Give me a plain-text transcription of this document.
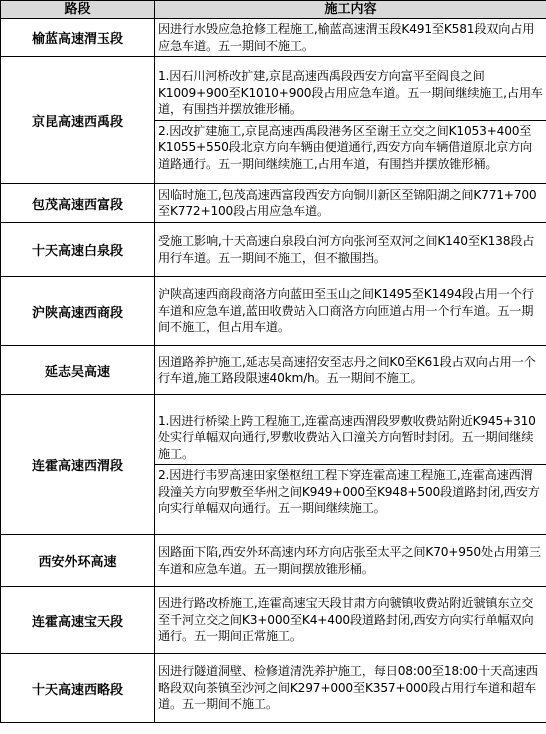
路段	施工内容
榆蓝高速渭玉段	因进行水毁应急抢修工程施工,榆蓝高速渭玉段K491至K581段双向占用应急车道。五一期间不施工。

京昆高速西禹段	1.因石川河桥改扩建,京昆高速西禹段西安方向富平至阎良之间K1009+900至K1010+900段占用应急车道。五一期间继续施工,占用车道，有围挡并摆放锥形桶。
2.因改扩建施工,京昆高速西禹段港务区至谢王立交之间K1053+400至K1055+550段北京方向车辆由便道通行,西安方向车辆借道原北京方向道路通行。五一期间继续施工,占用车道，有围挡并摆放锥形桶。

包茂高速西富段	因临时施工,包茂高速西富段西安方向铜川新区至锦阳湖之间K771+700至K772+100段占用应急车道。

十天高速白泉段	受施工影响,十天高速白泉段白河方向张河至双河之间K140至K138段占用行车道。五一期间不施工，但不撤围挡。

沪陕高速西商段	沪陕高速西商段商洛方向蓝田至玉山之间K1495至K1494段占用一个行车道和应急车道,蓝田收费站入口商洛方向匝道占用一个行车道。五一期间不施工，但占用车道。

延志吴高速	因道路养护施工,延志吴高速招安至志丹之间K0至K61段占双向占用一个行车道,施工路段限速40km/h。五一期间不施工。

连霍高速西渭段	1.因进行桥梁上跨工程施工,连霍高速西渭段罗敷收费站附近K945+310处实行单幅双向通行,罗敷收费站入口潼关方向暂时封闭。五一期间继续施工。
2.因进行韦罗高速田家堡枢纽工程下穿连霍高速工程施工,连霍高速西渭段潼关方向罗敷至华州之间K949+000至K948+500段道路封闭,西安方向实行单幅双向通行。五一期间继续施工。

西安外环高速	因路面下陷,西安外环高速内环方向店张至太平之间K70+950处占用第三车道和应急车道。五一期间摆放锥形桶。

连霍高速宝天段	因进行路改桥施工,连霍高速宝天段甘肃方向虢镇收费站附近虢镇东立交至千河立交之间K3+000至K4+400段道路封闭,西安方向实行单幅双向通行。五一期间正常施工。

十天高速西略段	因进行隧道洞壁、检修道清洗养护施工，每日08:00至18:00十天高速西略段双向茶镇至沙河之间K297+000至K357+000段占用行车道和超车道。五一期间不施工。
